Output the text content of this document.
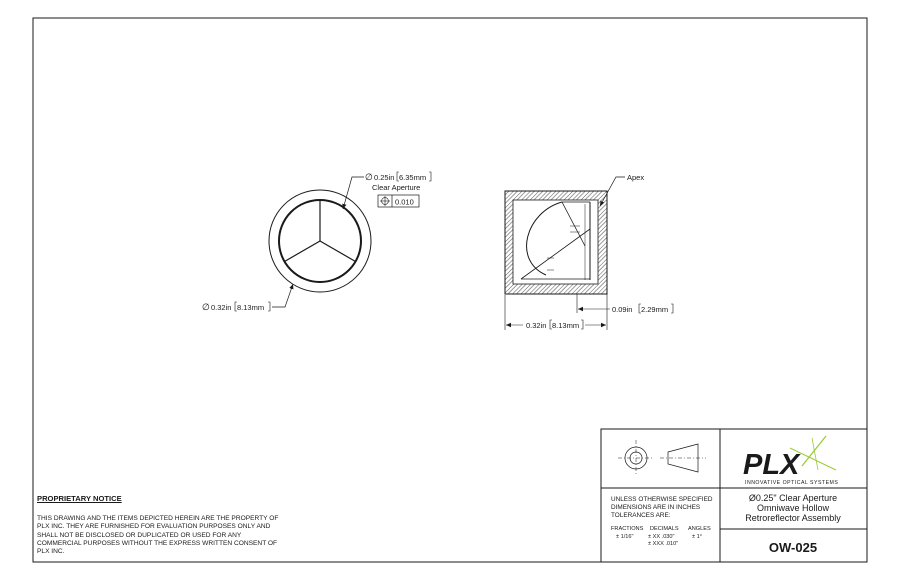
∅ 0.25in 6.35mm
Clear Aperture
0.010
∅ 0.32in 8.13mm
Apex
0.09in 2.29mm
0.32in 8.13mm
PLX
INNOVATIVE OPTICAL SYSTEMS
UNLESS OTHERWISE SPECIFIED
DIMENSIONS ARE IN INCHES
TOLERANCES ARE:
FRACTIONS
± 1/16"
DECIMALS
± XX .030"
± XXX .010"
ANGLES
± 1°
Ø0.25" Clear Aperture
Omniwave Hollow
Retroreflector Assembly
OW-025

PROPRIETARY NOTICE

THIS DRAWING AND THE ITEMS DEPICTED HEREIN ARE THE PROPERTY OF PLX INC. THEY ARE FURNISHED FOR EVALUATION PURPOSES ONLY AND SHALL NOT BE DISCLOSED OR DUPLICATED OR USED FOR ANY COMMERCIAL PURPOSES WITHOUT THE EXPRESS WRITTEN CONSENT OF PLX INC.
